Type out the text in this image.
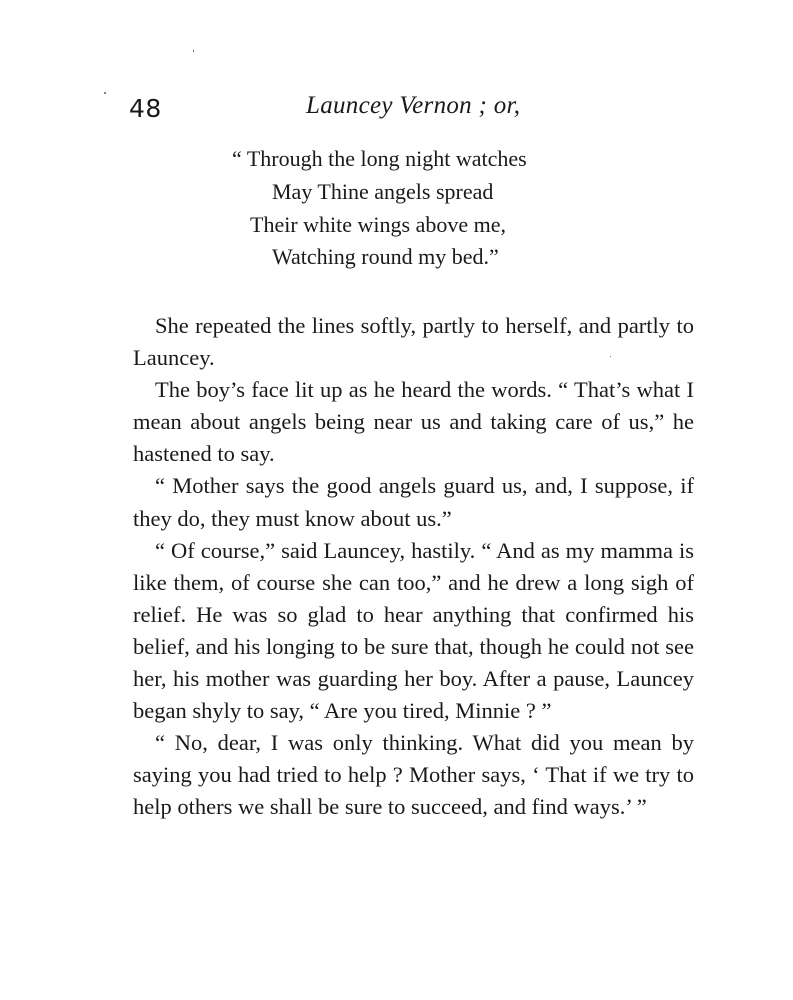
48	Launcey Vernon ; or,
“ Through the long night watches
May Thine angels spread
Their white wings above me,
Watching round my bed.”

She repeated the lines softly, partly to herself, and partly to Launcey.

The boy’s face lit up as he heard the words. “ That’s what I mean about angels being near us and taking care of us,” he hastened to say.

“ Mother says the good angels guard us, and, I suppose, if they do, they must know about us.”

“ Of course,” said Launcey, hastily. “ And as my mamma is like them, of course she can too,” and he drew a long sigh of relief. He was so glad to hear anything that confirmed his belief, and his longing to be sure that, though he could not see her, his mother was guarding her boy. After a pause, Launcey began shyly to say, “ Are you tired, Minnie ? ”

“ No, dear, I was only thinking. What did you mean by saying you had tried to help ? Mother says, ‘ That if we try to help others we shall be sure to succeed, and find ways.’ ”
